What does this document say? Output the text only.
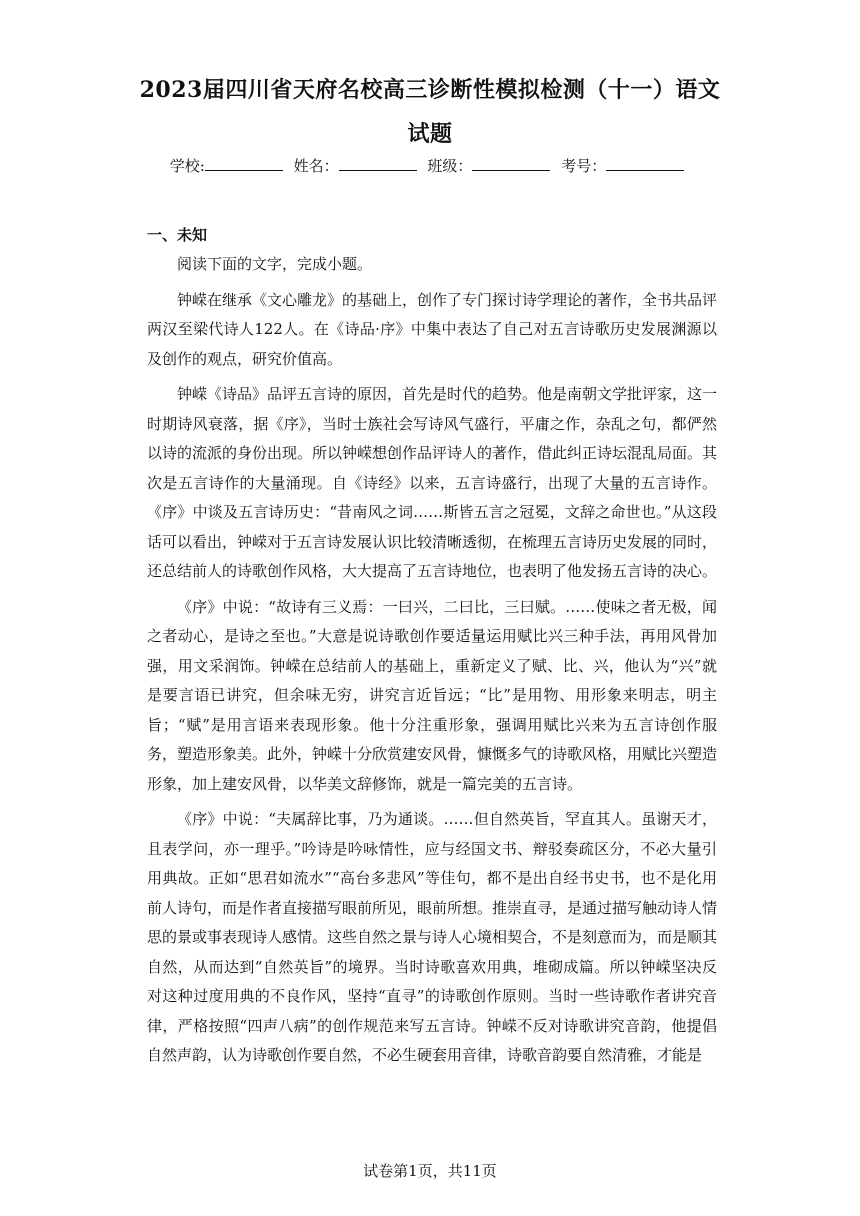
2023届四川省天府名校高三诊断性模拟检测（十一）语文试题
学校:	姓名：	班级：	考号：
一、未知

阅读下面的文字，完成小题。

钟嵘在继承《文心雕龙》的基础上，创作了专门探讨诗学理论的著作，全书共品评两汉至梁代诗人122人。在《诗品·序》中集中表达了自己对五言诗歌历史发展渊源以及创作的观点，研究价值高。

钟嵘《诗品》品评五言诗的原因，首先是时代的趋势。他是南朝文学批评家，这一时期诗风衰落，据《序》，当时士族社会写诗风气盛行，平庸之作，杂乱之句，都俨然以诗的流派的身份出现。所以钟嵘想创作品评诗人的著作，借此纠正诗坛混乱局面。其次是五言诗作的大量涌现。自《诗经》以来，五言诗盛行，出现了大量的五言诗作。《序》中谈及五言诗历史：“昔南风之词……斯皆五言之冠冕，文辞之命世也。”从这段话可以看出，钟嵘对于五言诗发展认识比较清晰透彻，在梳理五言诗历史发展的同时，还总结前人的诗歌创作风格，大大提高了五言诗地位，也表明了他发扬五言诗的决心。

《序》中说：“故诗有三义焉：一曰兴，二曰比，三曰赋。……使味之者无极，闻之者动心，是诗之至也。”大意是说诗歌创作要适量运用赋比兴三种手法，再用风骨加强，用文采润饰。钟嵘在总结前人的基础上，重新定义了赋、比、兴，他认为“兴”就是要言语已讲究，但余味无穷，讲究言近旨远；“比”是用物、用形象来明志，明主旨；“赋”是用言语来表现形象。他十分注重形象，强调用赋比兴来为五言诗创作服务，塑造形象美。此外，钟嵘十分欣赏建安风骨，慷慨多气的诗歌风格，用赋比兴塑造形象，加上建安风骨，以华美文辞修饰，就是一篇完美的五言诗。

《序》中说：“夫属辞比事，乃为通谈。……但自然英旨，罕直其人。虽谢天才，且表学问，亦一理乎。”吟诗是吟咏情性，应与经国文书、辩驳奏疏区分，不必大量引用典故。正如“思君如流水”“高台多悲风”等佳句，都不是出自经书史书，也不是化用前人诗句，而是作者直接描写眼前所见，眼前所想。推崇直寻，是通过描写触动诗人情思的景或事表现诗人感情。这些自然之景与诗人心境相契合，不是刻意而为，而是顺其自然，从而达到“自然英旨”的境界。当时诗歌喜欢用典，堆砌成篇。所以钟嵘坚决反对这种过度用典的不良作风，坚持“直寻”的诗歌创作原则。当时一些诗歌作者讲究音律，严格按照“四声八病”的创作规范来写五言诗。钟嵘不反对诗歌讲究音韵，他提倡自然声韵，认为诗歌创作要自然，不必生硬套用音律，诗歌音韵要自然清雅，才能是

试卷第1页，共11页
